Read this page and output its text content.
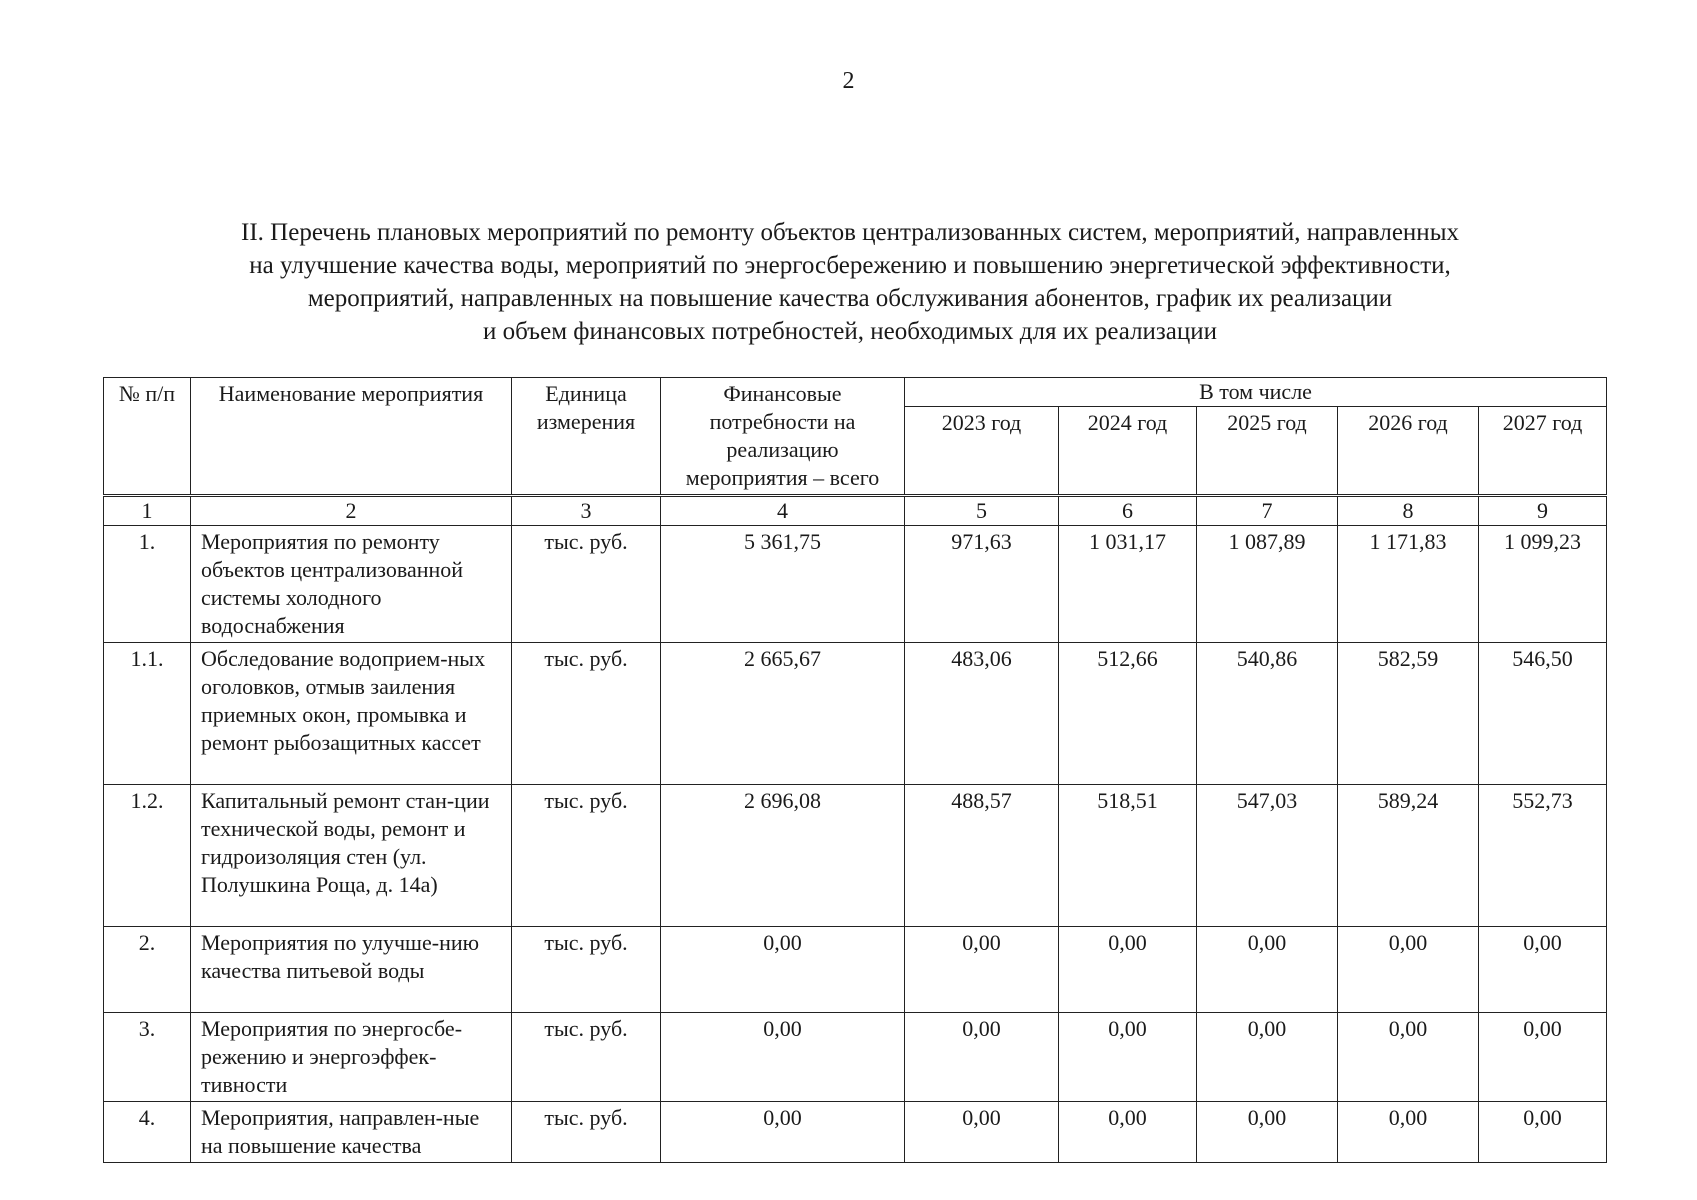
2
II. Перечень плановых мероприятий по ремонту объектов централизованных систем, мероприятий, направленных
на улучшение качества воды, мероприятий по энергосбережению и повышению энергетической эффективности,
мероприятий, направленных на повышение качества обслуживания абонентов, график их реализации
и объем финансовых потребностей, необходимых для их реализации
№ п/п	Наименование мероприятия	Единица измерения	Финансовые потребности на реализацию мероприятия – всего	В том числе				
				2023 год	2024 год	2025 год	2026 год	2027 год
1	2	3	4	5	6	7	8	9
1.	Мероприятия по ремонту объектов централизованной системы холодного водоснабжения	тыс. руб.	5 361,75	971,63	1 031,17	1 087,89	1 171,83	1 099,23
1.1.	Обследование водоприем-ных оголовков, отмыв заиления приемных окон, промывка и ремонт рыбозащитных кассет	тыс. руб.	2 665,67	483,06	512,66	540,86	582,59	546,50
1.2.	Капитальный ремонт стан-ции технической воды, ремонт и гидроизоляция стен (ул. Полушкина Роща, д. 14а)	тыс. руб.	2 696,08	488,57	518,51	547,03	589,24	552,73
2.	Мероприятия по улучше-нию качества питьевой воды	тыс. руб.	0,00	0,00	0,00	0,00	0,00	0,00
3.	Мероприятия по энергосбе-режению и энергоэффек-тивности	тыс. руб.	0,00	0,00	0,00	0,00	0,00	0,00
4.	Мероприятия, направлен-ные на повышение качества	тыс. руб.	0,00	0,00	0,00	0,00	0,00	0,00
